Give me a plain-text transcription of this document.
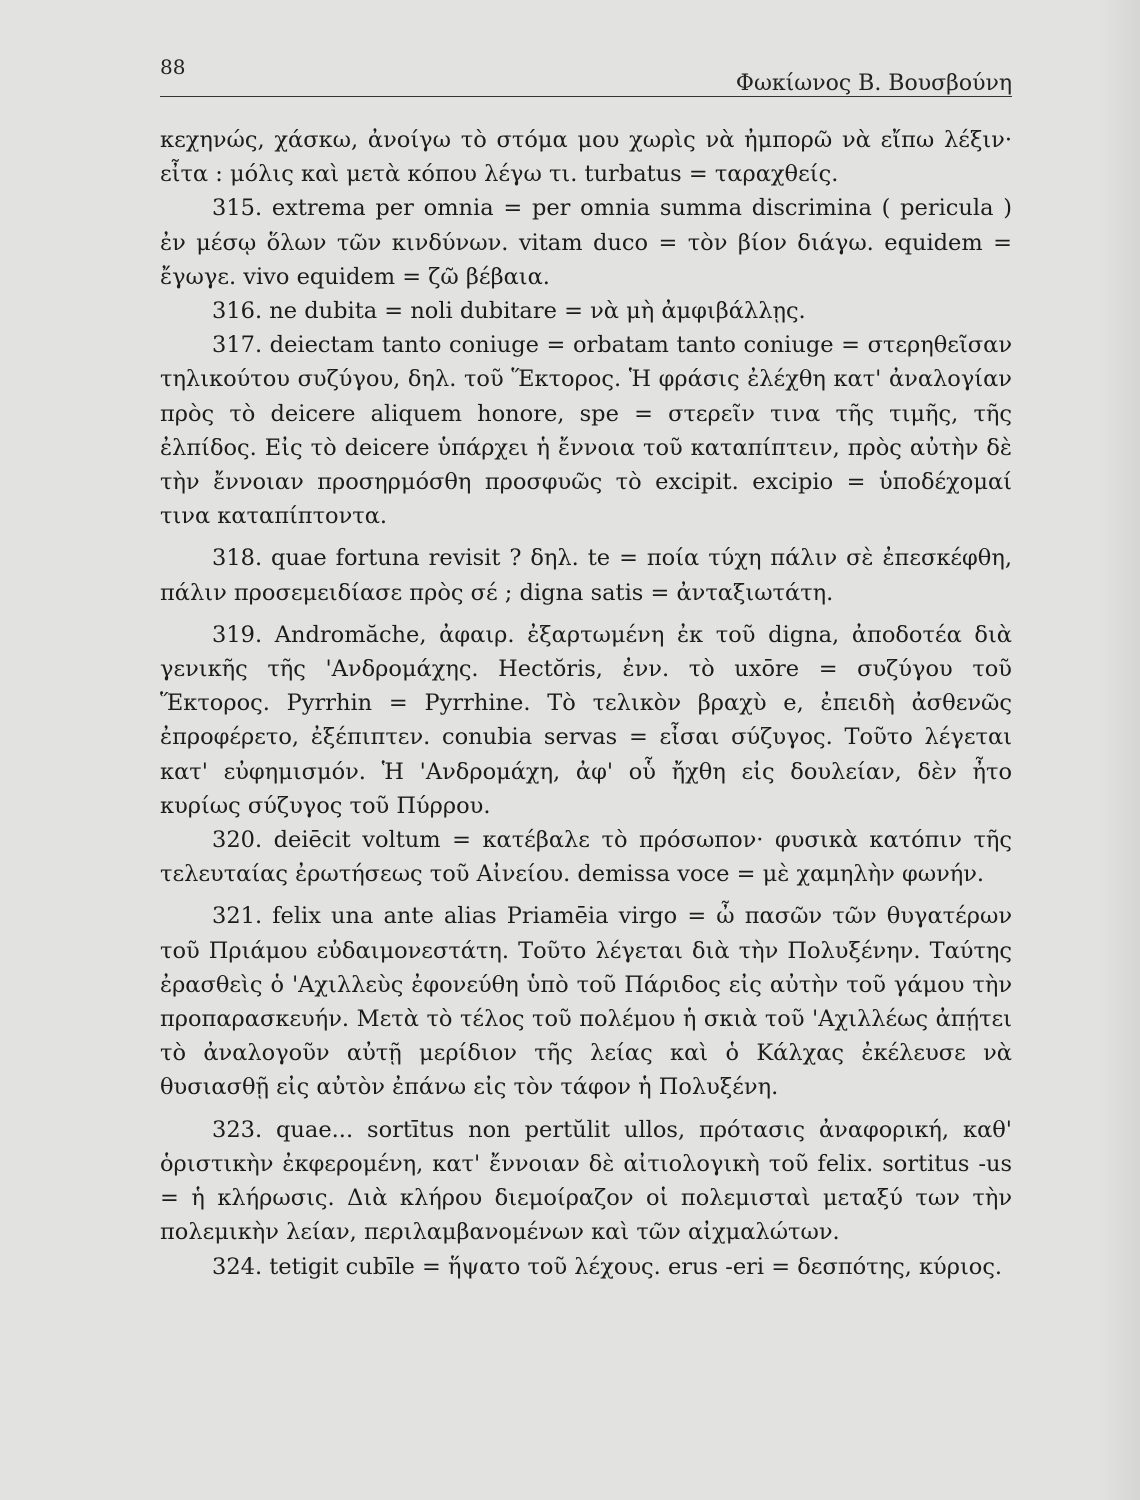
88
Φωκίωνος Β. Βουσβούνη

κεχηνώς, χάσκω, ἀνοίγω τὸ στόμα μου χωρὶς νὰ ἠμπορῶ νὰ εἴπω λέξιν· εἶτα : μόλις καὶ μετὰ κόπου λέγω τι. turbatus = ταραχθείς.

315. extrema per omnia = per omnia summa discrimina ( pericula ) ἐν μέσῳ ὅλων τῶν κινδύνων. vitam duco = τὸν βίον διάγω. equidem = ἔγωγε. vivo equidem = ζῶ βέβαια.

316. ne dubita = noli dubitare = νὰ μὴ ἀμφιβάλλῃς.

317. deiectam tanto coniuge = orbatam tanto coniuge = στερηθεῖσαν τηλικούτου συζύγου, δηλ. τοῦ Ἕκτορος. Ἡ φράσις ἐλέχθη κατ' ἀναλογίαν πρὸς τὸ deicere aliquem honore, spe = στερεῖν τινα τῆς τιμῆς, τῆς ἐλπίδος. Εἰς τὸ deicere ὑπάρχει ἡ ἔννοια τοῦ καταπίπτειν, πρὸς αὐτὴν δὲ τὴν ἔννοιαν προσηρμόσθη προσφυῶς τὸ excipit. excipio = ὑποδέχομαί τινα καταπίπτοντα.

318. quae fortuna revisit ? δηλ. te = ποία τύχη πάλιν σὲ ἐπεσκέφθη, πάλιν προσεμειδίασε πρὸς σέ ; digna satis = ἀνταξιωτάτη.

319. Andromăche, ἀφαιρ. ἐξαρτωμένη ἐκ τοῦ digna, ἀποδοτέα διὰ γενικῆς τῆς 'Ανδρομάχης. Hectŏris, ἐνν. τὸ uxōre = συζύγου τοῦ Ἕκτορος. Pyrrhin = Pyrrhine. Τὸ τελικὸν βραχὺ e, ἐπειδὴ ἀσθενῶς ἐπροφέρετο, ἐξέπιπτεν. conubia servas = εἶσαι σύζυγος. Τοῦτο λέγεται κατ' εὐφημισμόν. Ἡ 'Ανδρομάχη, ἀφ' οὗ ἤχθη εἰς δουλείαν, δὲν ἦτο κυρίως σύζυγος τοῦ Πύρρου.

320. deiēcit voltum = κατέβαλε τὸ πρόσωπον· φυσικὰ κατόπιν τῆς τελευταίας ἐρωτήσεως τοῦ Αἰνείου. demissa voce = μὲ χαμηλὴν φωνήν.

321. felix una ante alias Priamēia virgo = ὦ πασῶν τῶν θυγατέρων τοῦ Πριάμου εὐδαιμονεστάτη. Τοῦτο λέγεται διὰ τὴν Πολυξένην. Ταύτης ἐρασθεὶς ὁ 'Αχιλλεὺς ἐφονεύθη ὑπὸ τοῦ Πάριδος εἰς αὐτὴν τοῦ γάμου τὴν προπαρασκευήν. Μετὰ τὸ τέλος τοῦ πολέμου ἡ σκιὰ τοῦ 'Αχιλλέως ἀπῄτει τὸ ἀναλογοῦν αὐτῇ μερίδιον τῆς λείας καὶ ὁ Κάλχας ἐκέλευσε νὰ θυσιασθῇ εἰς αὐτὸν ἐπάνω εἰς τὸν τάφον ἡ Πολυξένη.

323. quae... sortītus non pertŭlit ullos, πρότασις ἀναφορική, καθ' ὁριστικὴν ἐκφερομένη, κατ' ἔννοιαν δὲ αἰτιολογικὴ τοῦ felix. sortitus -us = ἡ κλήρωσις. Διὰ κλήρου διεμοίραζον οἱ πολεμισταὶ μεταξύ των τὴν πολεμικὴν λείαν, περιλαμβανομένων καὶ τῶν αἰχμαλώτων.

324. tetigit cubīle = ἥψατο τοῦ λέχους. erus -eri = δεσπότης, κύριος.
